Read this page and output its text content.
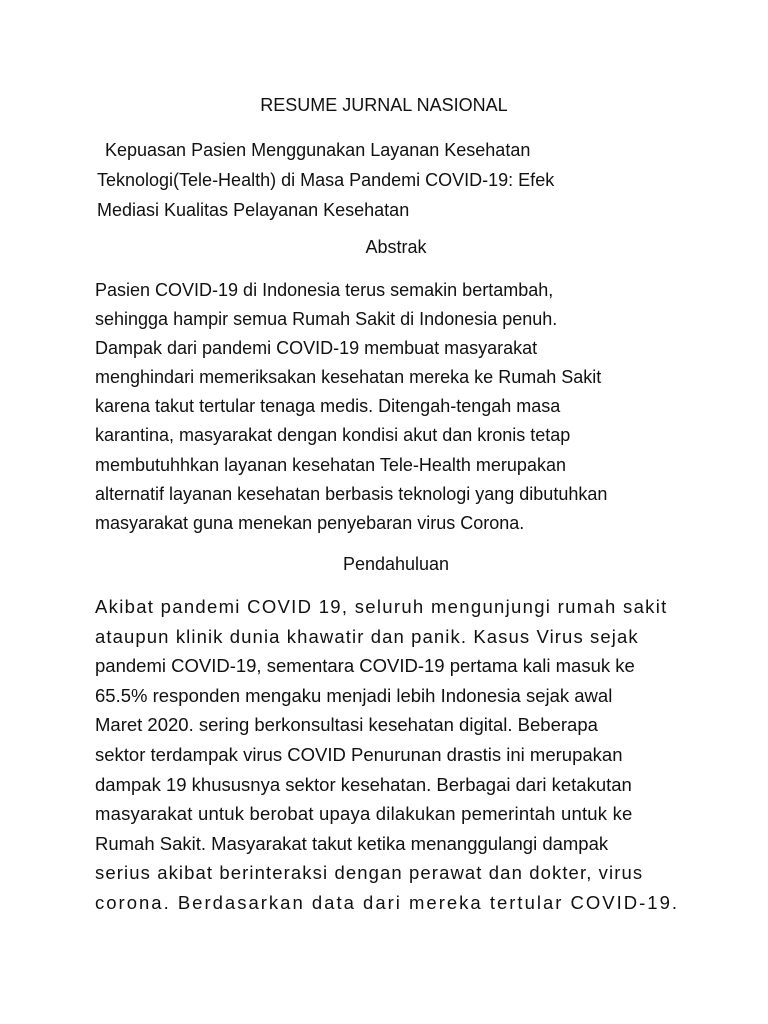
RESUME JURNAL NASIONAL
Kepuasan Pasien Menggunakan Layanan Kesehatan
Teknologi(Tele-Health) di Masa Pandemi COVID-19: Efek
Mediasi Kualitas Pelayanan Kesehatan
Abstrak

Pasien COVID-19 di Indonesia terus semakin bertambah,
sehingga hampir semua Rumah Sakit di Indonesia penuh.
Dampak dari pandemi COVID-19 membuat masyarakat
menghindari memeriksakan kesehatan mereka ke Rumah Sakit
karena takut tertular tenaga medis. Ditengah-tengah masa
karantina, masyarakat dengan kondisi akut dan kronis tetap
membutuhhkan layanan kesehatan Tele-Health merupakan
alternatif layanan kesehatan berbasis teknologi yang dibutuhkan
masyarakat guna menekan penyebaran virus Corona.

Pendahuluan

Akibat pandemi COVID 19, seluruh mengunjungi rumah sakit
ataupun klinik dunia khawatir dan panik. Kasus Virus sejak
pandemi COVID-19, sementara COVID-19 pertama kali masuk ke
65.5% responden mengaku menjadi lebih Indonesia sejak awal
Maret 2020. sering berkonsultasi kesehatan digital. Beberapa
sektor terdampak virus COVID Penurunan drastis ini merupakan
dampak 19 khususnya sektor kesehatan. Berbagai dari ketakutan
masyarakat untuk berobat upaya dilakukan pemerintah untuk ke
Rumah Sakit. Masyarakat takut ketika menanggulangi dampak
serius akibat berinteraksi dengan perawat dan dokter, virus
corona. Berdasarkan data dari mereka tertular COVID-19.
